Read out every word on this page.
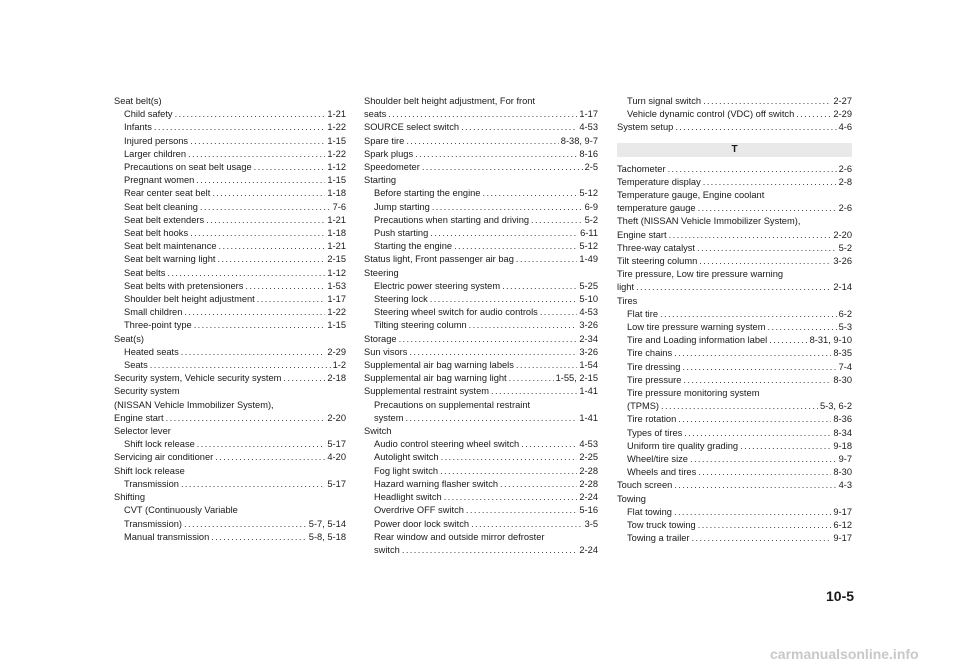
Seat belt(s)
Child safety .....	1-21
Infants .....	1-22
Injured persons .....	1-15
Larger children .....	1-22
Precautions on seat belt usage .....	1-12
Pregnant women .....	1-15
Rear center seat belt .....	1-18
Seat belt cleaning .....	7-6
Seat belt extenders .....	1-21
Seat belt hooks .....	1-18
Seat belt maintenance .....	1-21
Seat belt warning light .....	2-15
Seat belts .....	1-12
Seat belts with pretensioners .....	1-53
Shoulder belt height adjustment .....	1-17
Small children .....	1-22
Three-point type .....	1-15
Seat(s)
Heated seats .....	2-29
Seats .....	1-2
Security system, Vehicle security system .....	2-18
Security system
(NISSAN Vehicle Immobilizer System),
Engine start .....	2-20
Selector lever
Shift lock release .....	5-17
Servicing air conditioner .....	4-20
Shift lock release
Transmission .....	5-17
Shifting
CVT (Continuously Variable
Transmission) .....	5-7, 5-14
Manual transmission .....	5-8, 5-18
Shoulder belt height adjustment, For front
seats .....	1-17
SOURCE select switch .....	4-53
Spare tire .....	8-38, 9-7
Spark plugs .....	8-16
Speedometer .....	2-5
Starting
Before starting the engine .....	5-12
Jump starting .....	6-9
Precautions when starting and driving .....	5-2
Push starting .....	6-11
Starting the engine .....	5-12
Status light, Front passenger air bag .....	1-49
Steering
Electric power steering system .....	5-25
Steering lock .....	5-10
Steering wheel switch for audio controls .....	4-53
Tilting steering column .....	3-26
Storage .....	2-34
Sun visors .....	3-26
Supplemental air bag warning labels .....	1-54
Supplemental air bag warning light .....	1-55, 2-15
Supplemental restraint system .....	1-41
Precautions on supplemental restraint
system .....	1-41
Switch
Audio control steering wheel switch .....	4-53
Autolight switch .....	2-25
Fog light switch .....	2-28
Hazard warning flasher switch .....	2-28
Headlight switch .....	2-24
Overdrive OFF switch .....	5-16
Power door lock switch .....	3-5
Rear window and outside mirror defroster
switch .....	2-24
Turn signal switch .....	2-27
Vehicle dynamic control (VDC) off switch .....	2-29
System setup .....	4-6
T
Tachometer .....	2-6
Temperature display .....	2-8
Temperature gauge, Engine coolant
temperature gauge .....	2-6
Theft (NISSAN Vehicle Immobilizer System),
Engine start .....	2-20
Three-way catalyst .....	5-2
Tilt steering column .....	3-26
Tire pressure, Low tire pressure warning
light .....	2-14
Tires
Flat tire .....	6-2
Low tire pressure warning system .....	5-3
Tire and Loading information label .....	8-31, 9-10
Tire chains .....	8-35
Tire dressing .....	7-4
Tire pressure .....	8-30
Tire pressure monitoring system
(TPMS) .....	5-3, 6-2
Tire rotation .....	8-36
Types of tires .....	8-34
Uniform tire quality grading .....	9-18
Wheel/tire size .....	9-7
Wheels and tires .....	8-30
Touch screen .....	4-3
Towing
Flat towing .....	9-17
Tow truck towing .....	6-12
Towing a trailer .....	9-17
10-5
carmanualsonline.info
